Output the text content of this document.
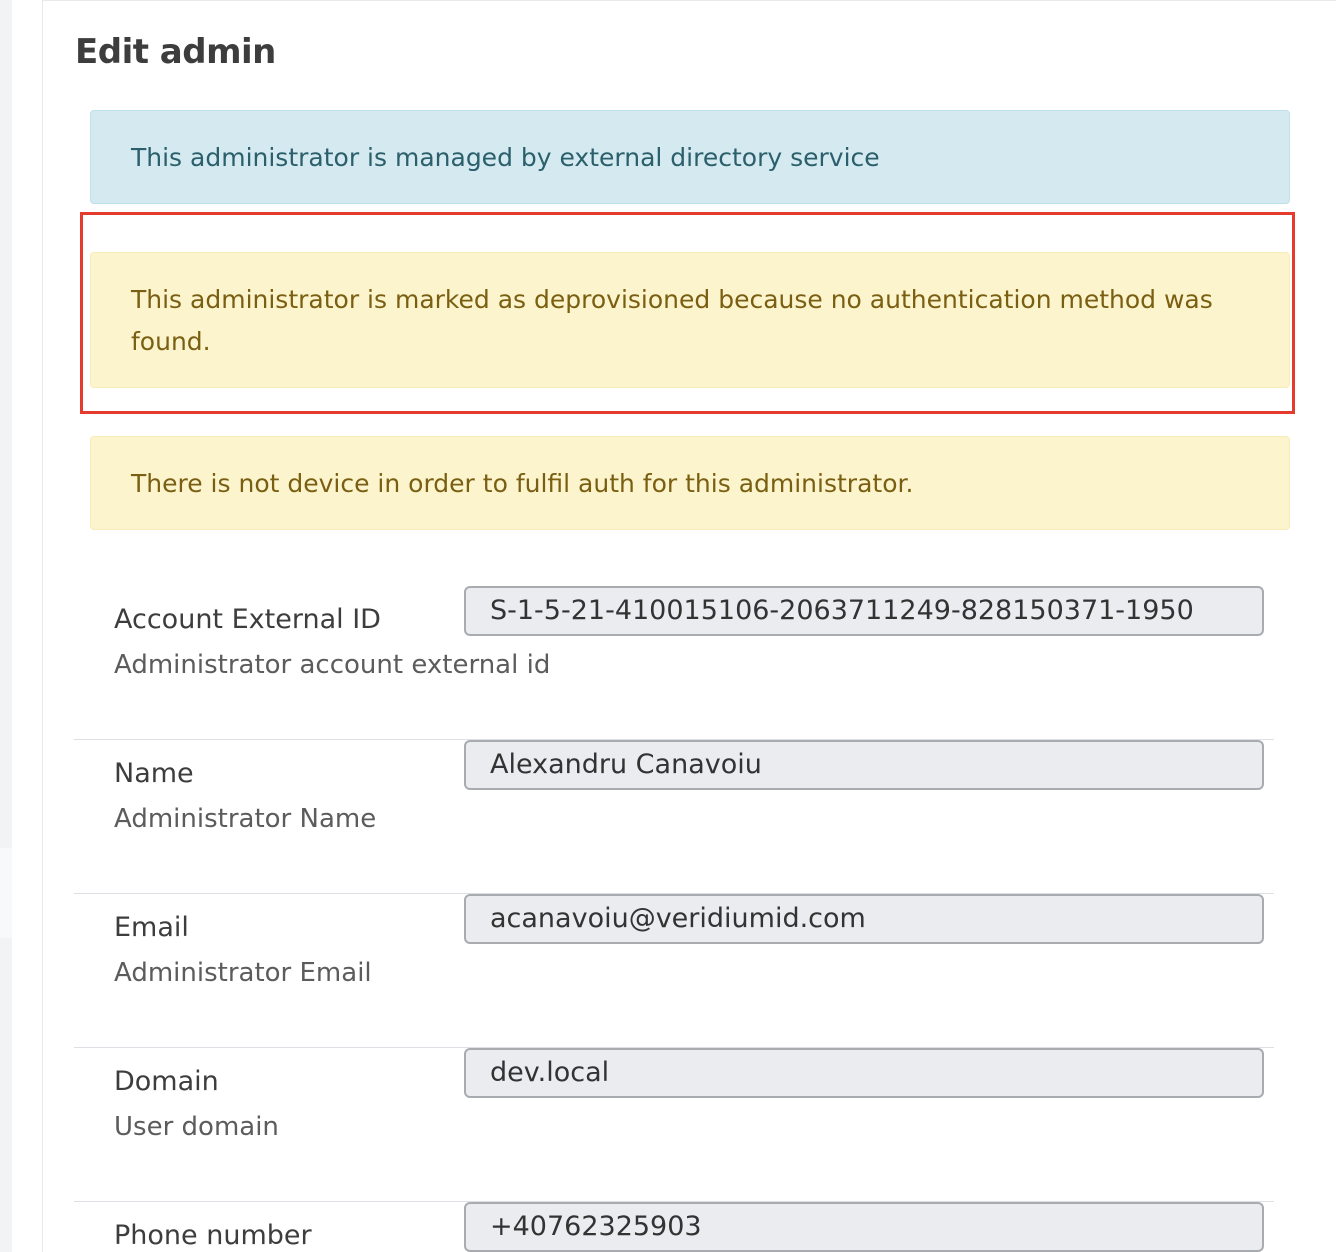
Edit admin
This administrator is managed by external directory service
This administrator is marked as deprovisioned because no authentication method was found.
There is not device in order to fulfil auth for this administrator.
Account External ID
Administrator account external id
S-1-5-21-410015106-2063711249-828150371-1950
Name
Administrator Name
Alexandru Canavoiu
Email
Administrator Email
acanavoiu@veridiumid.com
Domain
User domain
dev.local
Phone number	+40762325903
